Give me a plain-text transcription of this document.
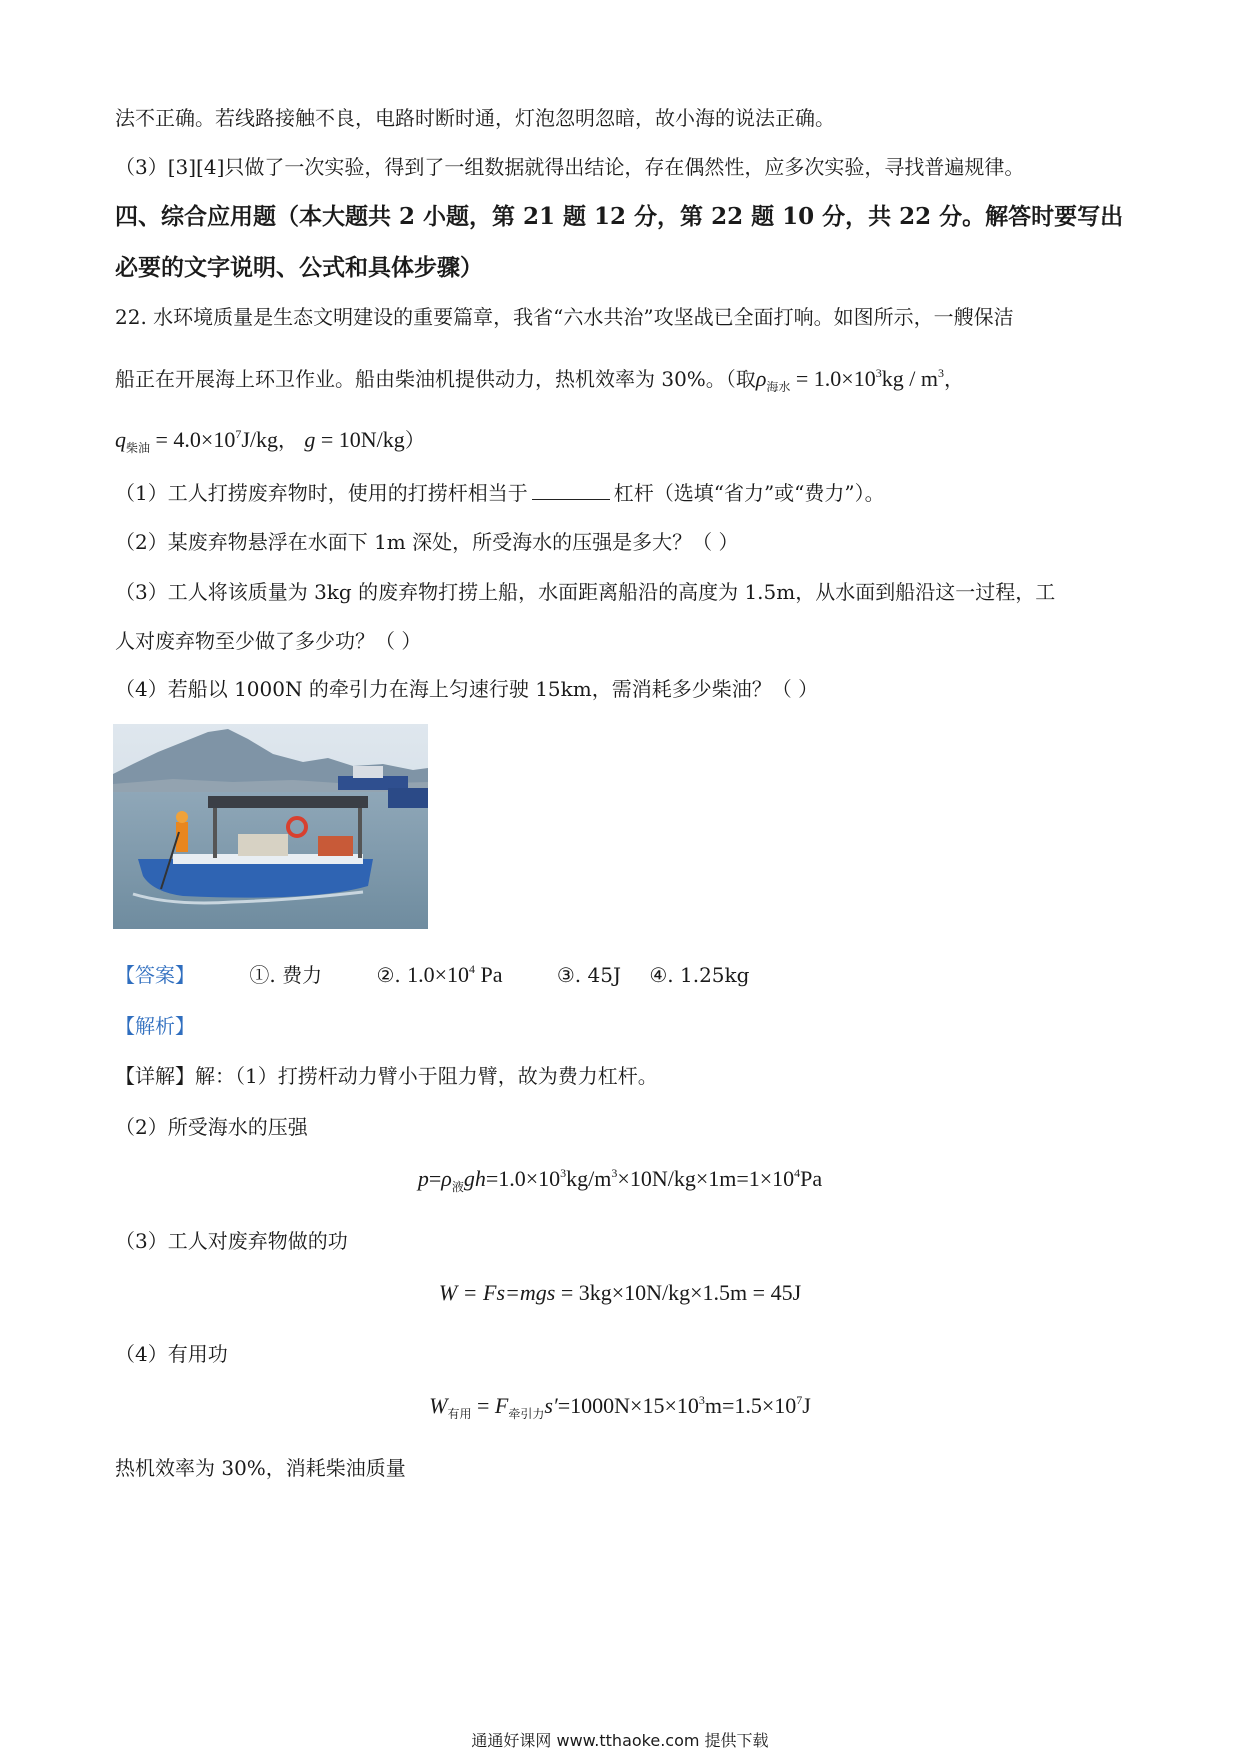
法不正确。若线路接触不良，电路时断时通，灯泡忽明忽暗，故小海的说法正确。
（3）[3][4]只做了一次实验，得到了一组数据就得出结论，存在偶然性，应多次实验，寻找普遍规律。
四、综合应用题（本大题共 2 小题，第 21 题 12 分，第 22 题 10 分，共 22 分。解答时要写出
必要的文字说明、公式和具体步骤）
22. 水环境质量是生态文明建设的重要篇章，我省“六水共治”攻坚战已全面打响。如图所示，一艘保洁
船正在开展海上环卫作业。船由柴油机提供动力，热机效率为 30%。（取$\rho_{海水} = 1.0\times 10^3kg / m^3$，
$q_{柴油} = 4.0\times 10^7J/kg$， g = 10N/kg）
（1）工人打捞废弃物时，使用的打捞杆相当于	杠杆（选填“省力”或“费力”）。
（2）某废弃物悬浮在水面下 1m 深处，所受海水的压强是多大？（ ）
（3）工人将该质量为 3kg 的废弃物打捞上船，水面距离船沿的高度为 1.5m，从水面到船沿这一过程，工
人对废弃物至少做了多少功？（ ）
（4）若船以 1000N 的牵引力在海上匀速行驶 15km，需消耗多少柴油？（ ）
【答案】	①. 费力	②. $1.0\times 10^4$ Pa	③. 45J ④. 1.25kg
【解析】
【详解】解：（1）打捞杆动力臂小于阻力臂，故为费力杠杆。
（2）所受海水的压强
$p=\rho_液gh=1.0\times 10^3kg/m^3\times 10N/kg\times 1m=1\times 10^4Pa$
（3）工人对废弃物做的功
W = Fs=mgs = 3kg×10N/kg×1.5m = 45J
（4）有用功
$W_{有用} = F_{牵引力}s'=1000N\times 15\times 10^3m=1.5\times 10^7J$
热机效率为 30%，消耗柴油质量
通通好课网 www.tthaoke.com 提供下载
